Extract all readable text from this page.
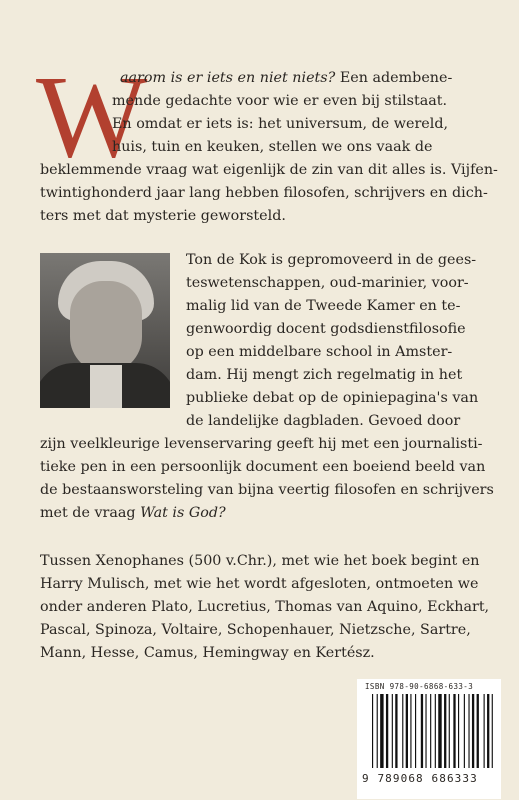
W
aarom is er iets en niet niets? Een adembene-
mende gedachte voor wie er even bij stilstaat.
En omdat er iets is: het universum, de wereld,
huis, tuin en keuken, stellen we ons vaak de
beklemmende vraag wat eigenlijk de zin van dit alles is. Vijfen-
twintighonderd jaar lang hebben filosofen, schrijvers en dich-
ters met dat mysterie geworsteld.
Ton de Kok is gepromoveerd in de gees-
teswetenschappen, oud-marinier, voor-
malig lid van de Tweede Kamer en te-
genwoordig docent godsdienstfilosofie
op een middelbare school in Amster-
dam. Hij mengt zich regelmatig in het
publieke debat op de opiniepagina's van
de landelijke dagbladen. Gevoed door
zijn veelkleurige levenservaring geeft hij met een journalisti-
tieke pen in een persoonlijk document een boeiend beeld van
de bestaansworsteling van bijna veertig filosofen en schrijvers
met de vraag Wat is God?
Tussen Xenophanes (500 v.Chr.), met wie het boek begint en
Harry Mulisch, met wie het wordt afgesloten, ontmoeten we
onder anderen Plato, Lucretius, Thomas van Aquino, Eckhart,
Pascal, Spinoza, Voltaire, Schopenhauer, Nietzsche, Sartre,
Mann, Hesse, Camus, Hemingway en Kertész.
ISBN 978-90-6868-633-3
9 789068 686333
